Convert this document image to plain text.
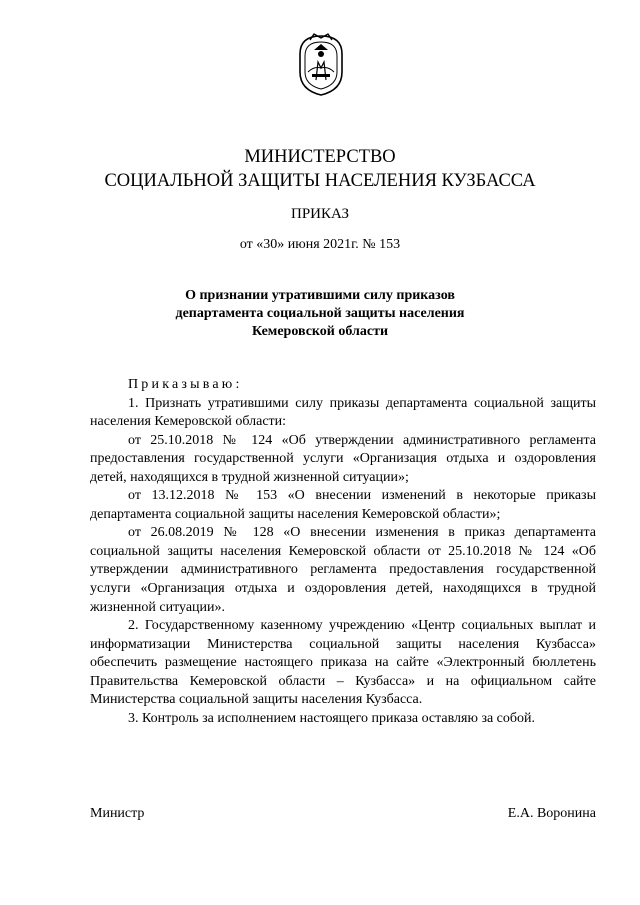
МИНИСТЕРСТВО
СОЦИАЛЬНОЙ ЗАЩИТЫ НАСЕЛЕНИЯ КУЗБАССА
ПРИКАЗ
от «30» июня 2021г. № 153
О признании утратившими силу приказов
департамента социальной защиты населения
Кемеровской области

Приказываю:

1. Признать утратившими силу приказы департамента социальной защиты населения Кемеровской области:

от 25.10.2018 № 124 «Об утверждении административного регламента предоставления государственной услуги «Организация отдыха и оздоровления детей, находящихся в трудной жизненной ситуации»;

от 13.12.2018 № 153 «О внесении изменений в некоторые приказы департамента социальной защиты населения Кемеровской области»;

от 26.08.2019 № 128 «О внесении изменения в приказ департамента социальной защиты населения Кемеровской области от 25.10.2018 № 124 «Об утверждении административного регламента предоставления государственной услуги «Организация отдыха и оздоровления детей, находящихся в трудной жизненной ситуации».

2. Государственному казенному учреждению «Центр социальных выплат и информатизации Министерства социальной защиты населения Кузбасса» обеспечить размещение настоящего приказа на сайте «Электронный бюллетень Правительства Кемеровской области – Кузбасса» и на официальном сайте Министерства социальной защиты населения Кузбасса.

3. Контроль за исполнением настоящего приказа оставляю за собой.

Министр	Е.А. Воронина
